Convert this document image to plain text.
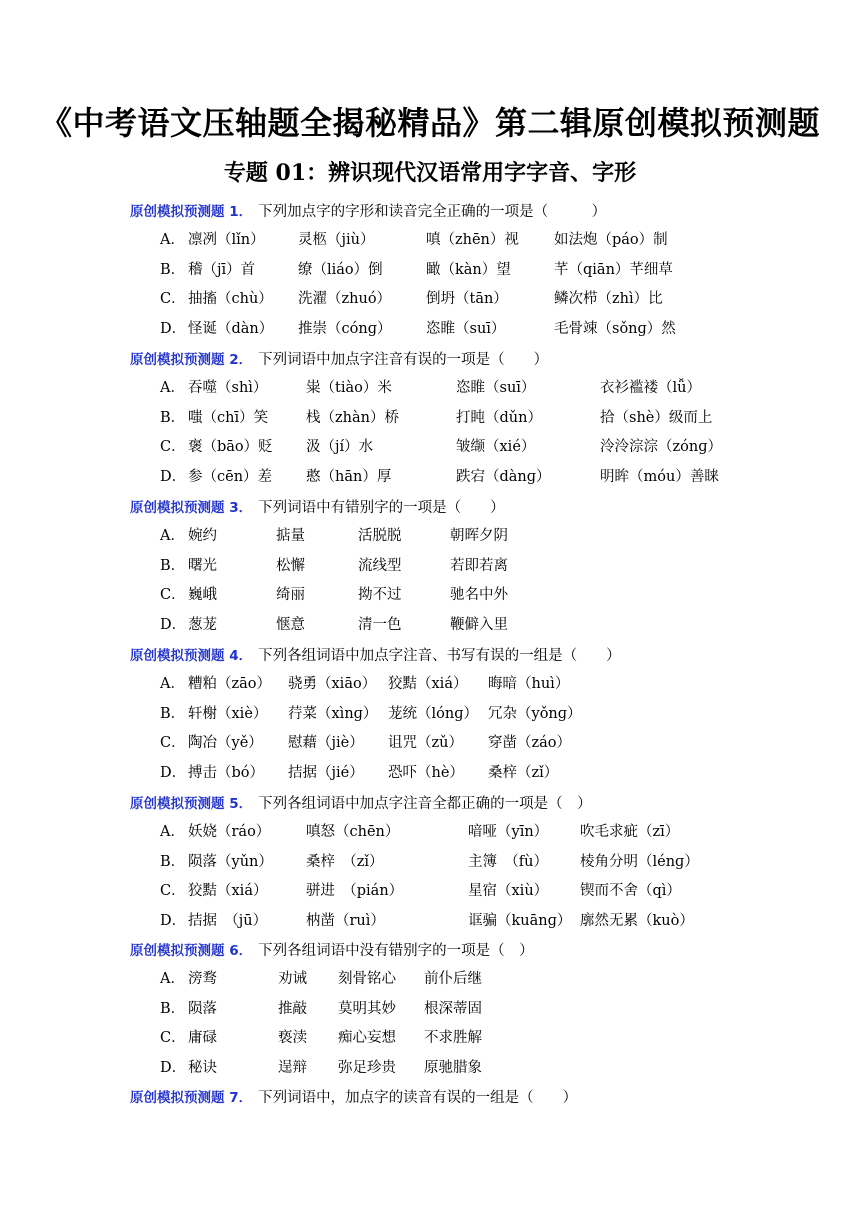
《中考语文压轴题全揭秘精品》第二辑原创模拟预测题
专题 01：辨识现代汉语常用字字音、字形
原创模拟预测题 1． 下列加点字的字形和读音完全正确的一项是（　　　）
A． 凛冽（lǐn） 灵柩（jiù）	嗔（zhēn）视 如法炮（páo）制
B． 稽（jī）首	缭（liáo）倒	瞰（kàn）望	芊（qiān）芊细草
C． 抽搐（chù） 洗濯（zhuó） 倒坍（tān）	鳞次栉（zhì）比
D． 怪诞（dàn） 推崇（cónɡ） 恣睢（suī）	毛骨竦（sǒnɡ）然
原创模拟预测题 2． 下列词语中加点字注音有误的一项是（　　）
A． 吞噬（shì）	粜（tiào）米	恣睢（suī）	衣衫褴褛（lǚ）
B． 嗤（chī）笑	栈（zhàn）桥	打盹（dǔn）	拾（shè）级而上
C． 褒（bāo）贬 汲（jí）水	皱缬（xié）	泠泠淙淙（zónɡ）
D． 参（cēn）差 憨（hān）厚	跌宕（dànɡ）	明眸（móu）善睐
原创模拟预测题 3． 下列词语中有错别字的一项是（　　）
A． 婉约	掂量	活脱脱	朝晖夕阴
B． 曙光	松懈	流线型	若即若离
C． 巍峨	绮丽	拗不过	驰名中外
D． 葱茏	惬意	清一色	鞭僻入里
原创模拟预测题 4． 下列各组词语中加点字注音、书写有误的一组是（　　）
A． 糟粕（zāo） 骁勇（xiāo） 狡黠（xiá） 晦暗（huì）
B． 轩榭（xiè） 荇菜（xìnɡ） 茏统（lónɡ） 冗杂（yǒnɡ）
C． 陶冶（yě） 慰藉（jiè） 诅咒（zǔ） 穿凿（záo）
D． 搏击（bó） 拮据（jié） 恐吓（hè） 桑梓（zǐ）
原创模拟预测题 5． 下列各组词语中加点字注音全都正确的一项是（　）
A． 妖娆（ráo） 嗔怒（chēn）	喑哑（yīn） 吹毛求疵（zī）
B． 陨落（yǔn） 桑梓　（zǐ）	主簿　（fù） 棱角分明（lénɡ）
C． 狡黠（xiá）	骈进　（pián）	星宿（xiù） 锲而不舍（qì）
D． 拮据　（jū）	枘凿（ruì）	诓骗（kuānɡ） 廓然无累（kuò）
原创模拟预测题 6． 下列各组词语中没有错别字的一项是（　）
A． 滂骛	劝诫 刻骨铭心 前仆后继
B． 陨落	推敲 莫明其妙 根深蒂固
C． 庸碌	亵渎 痴心妄想 不求胜解
D． 秘诀	逞辩 弥足珍贵 原驰腊象
原创模拟预测题 7． 下列词语中，加点字的读音有误的一组是（　　）
